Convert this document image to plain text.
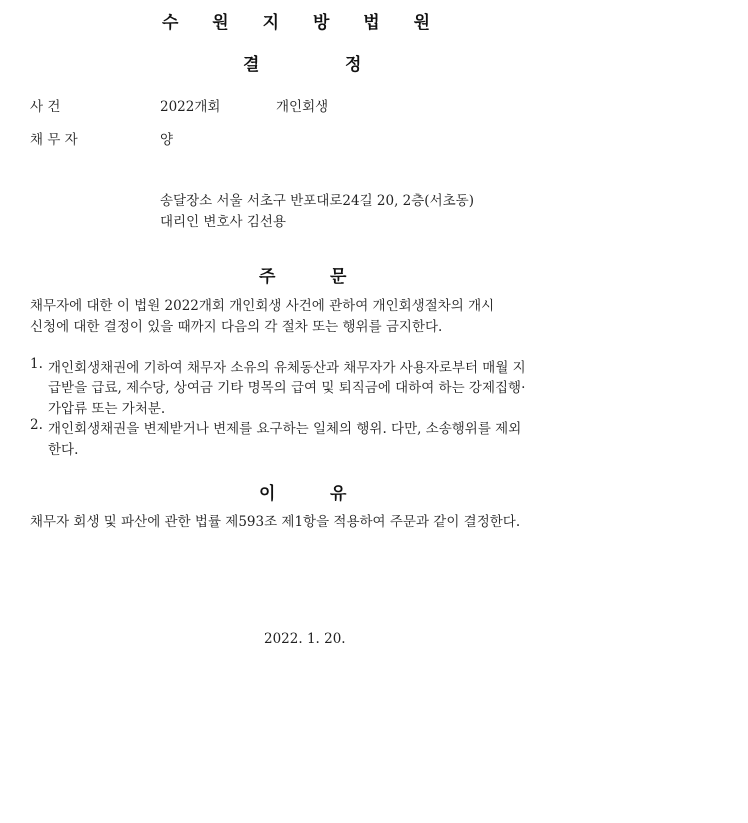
수 원 지 방 법 원
결	정
사 건	2022개회	개인회생
채 무 자	양
송달장소 서울 서초구 반포대로24길 20, 2층(서초동)
대리인 변호사 김선용
주	문
채무자에 대한 이 법원 2022개회 개인회생 사건에 관하여 개인회생절차의 개시
신청에 대한 결정이 있을 때까지 다음의 각 절차 또는 행위를 금지한다.
1. 개인회생채권에 기하여 채무자 소유의 유체동산과 채무자가 사용자로부터 매월 지
급받을 급료, 제수당, 상여금 기타 명목의 급여 및 퇴직금에 대하여 하는 강제집행·
가압류 또는 가처분.
2. 개인회생채권을 변제받거나 변제를 요구하는 일체의 행위. 다만, 소송행위를 제외
한다.
이	유
채무자 회생 및 파산에 관한 법률 제593조 제1항을 적용하여 주문과 같이 결정한다.
2022. 1. 20.
